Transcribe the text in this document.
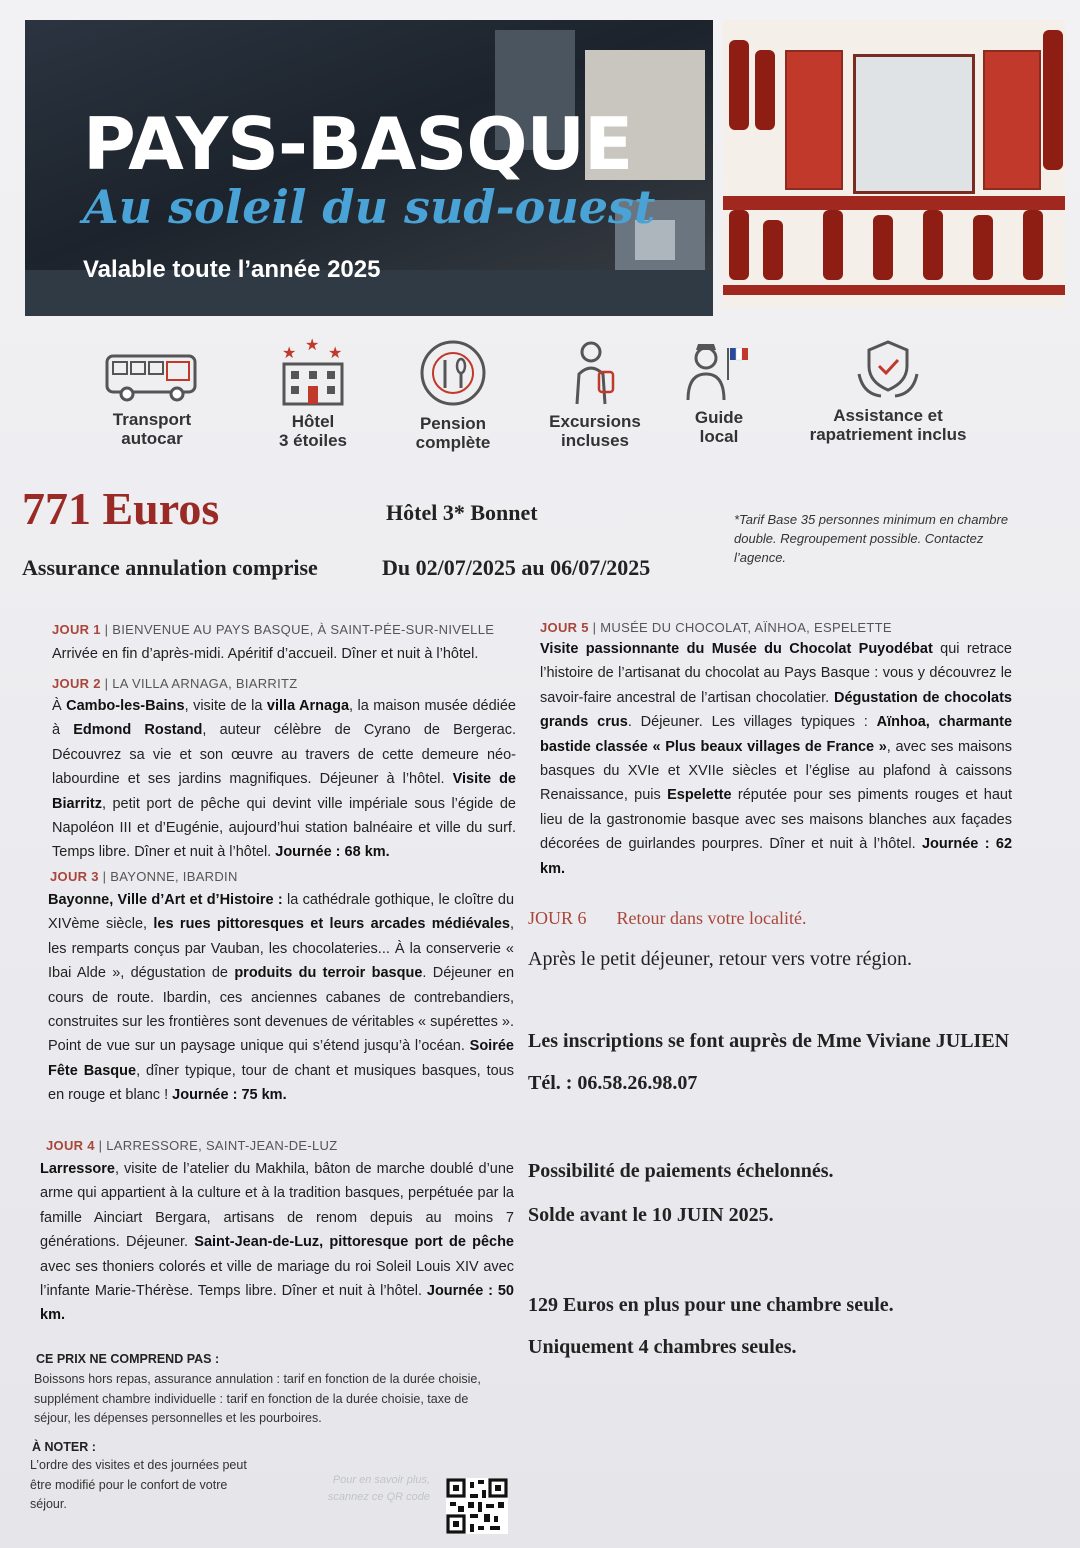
PAYS-BASQUE
Au soleil du sud-ouest
Valable toute l’année 2025
Transport
autocar
★ ★ ★
Hôtel
3 étoiles
Pension
complète
Excursions
incluses
Guide
local
Assistance et
rapatriement inclus
771 Euros	Hôtel 3* Bonnet	*Tarif Base 35 personnes minimum en chambre double. Regroupement possible. Contactez l’agence.
Assurance annulation comprise	Du 02/07/2025 au 06/07/2025
JOUR 1 | BIENVENUE AU PAYS BASQUE, À SAINT-PÉE-SUR-NIVELLE
Arrivée en fin d’après-midi. Apéritif d’accueil. Dîner et nuit à l’hôtel.
JOUR 2 | LA VILLA ARNAGA, BIARRITZ
À Cambo-les-Bains, visite de la villa Arnaga, la maison musée dédiée à Edmond Rostand, auteur célèbre de Cyrano de Bergerac. Découvrez sa vie et son œuvre au travers de cette demeure néo-labourdine et ses jardins magnifiques. Déjeuner à l’hôtel. Visite de Biarritz, petit port de pêche qui devint ville impériale sous l’égide de Napoléon III et d’Eugénie, aujourd’hui station balnéaire et ville du surf. Temps libre. Dîner et nuit à l’hôtel. Journée : 68 km.
JOUR 3 | BAYONNE, IBARDIN
Bayonne, Ville d’Art et d’Histoire : la cathédrale gothique, le cloître du XIVème siècle, les rues pittoresques et leurs arcades médiévales, les remparts conçus par Vauban, les chocolateries... À la conserverie « Ibai Alde », dégustation de produits du terroir basque. Déjeuner en cours de route. Ibardin, ces anciennes cabanes de contrebandiers, construites sur les frontières sont devenues de véritables « supérettes ». Point de vue sur un paysage unique qui s’étend jusqu’à l’océan. Soirée Fête Basque, dîner typique, tour de chant et musiques basques, tous en rouge et blanc ! Journée : 75 km.
JOUR 4 | LARRESSORE, SAINT-JEAN-DE-LUZ
Larressore, visite de l’atelier du Makhila, bâton de marche doublé d’une arme qui appartient à la culture et à la tradition basques, perpétuée par la famille Ainciart Bergara, artisans de renom depuis au moins 7 générations. Déjeuner. Saint-Jean-de-Luz, pittoresque port de pêche avec ses thoniers colorés et ville de mariage du roi Soleil Louis XIV avec l’infante Marie-Thérèse. Temps libre. Dîner et nuit à l’hôtel. Journée : 50 km.
JOUR 5 | MUSÉE DU CHOCOLAT, AÏNHOA, ESPELETTE
Visite passionnante du Musée du Chocolat Puyodébat qui retrace l’histoire de l’artisanat du chocolat au Pays Basque : vous y découvrez le savoir-faire ancestral de l’artisan chocolatier. Dégustation de chocolats grands crus. Déjeuner. Les villages typiques : Aïnhoa, charmante bastide classée « Plus beaux villages de France », avec ses maisons basques du XVIe et XVIIe siècles et l’église au plafond à caissons Renaissance, puis Espelette réputée pour ses piments rouges et haut lieu de la gastronomie basque avec ses maisons blanches aux façades décorées de guirlandes pourpres. Dîner et nuit à l’hôtel. Journée : 62 km.
JOUR 6 Retour dans votre localité.
Après le petit déjeuner, retour vers votre région.
Les inscriptions se font auprès de Mme Viviane JULIEN
Tél. : 06.58.26.98.07
Possibilité de paiements échelonnés.
Solde avant le 10 JUIN 2025.
129 Euros en plus pour une chambre seule.
Uniquement 4 chambres seules.
CE PRIX NE COMPREND PAS :
Boissons hors repas, assurance annulation : tarif en fonction de la durée choisie, supplément chambre individuelle : tarif en fonction de la durée choisie, taxe de séjour, les dépenses personnelles et les pourboires.
À NOTER :
L’ordre des visites et des journées peut être modifié pour le confort de votre séjour.
Pour en savoir plus, scannez ce QR code
